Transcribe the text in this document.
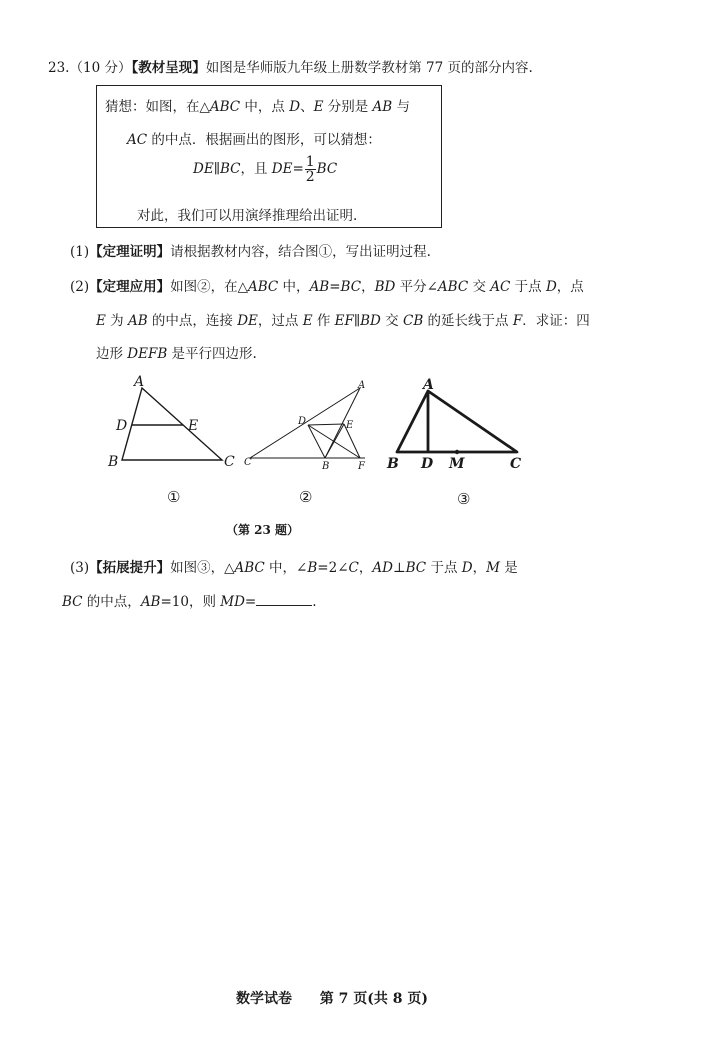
23.（10 分）【教材呈现】如图是华师版九年级上册数学教材第 77 页的部分内容.
猜想：如图，在△ABC 中，点 D、E 分别是 AB 与
AC 的中点．根据画出的图形，可以猜想：
DE∥BC，且 $DE= \frac{1}{2}$ BC
对此，我们可以用演绎推理给出证明.
(1)【定理证明】请根据教材内容，结合图①，写出证明过程.
(2)【定理应用】如图②，在△ABC 中，AB=BC，BD 平分∠ABC 交 AC 于点 D，点
E 为 AB 的中点，连接 DE，过点 E 作 EF∥BD 交 CB 的延长线于点 F．求证：四
边形 DEFB 是平行四边形.
A
D	E
B	C
A
D	E
C	B	F
A
B D M	C
①	②	③
（第 23 题）
(3)【拓展提升】如图③，△ABC 中，∠B=2∠C，AD⊥BC 于点 D，M 是
BC 的中点，AB=10，则 MD=	.
数学试卷 第 7 页(共 8 页)
